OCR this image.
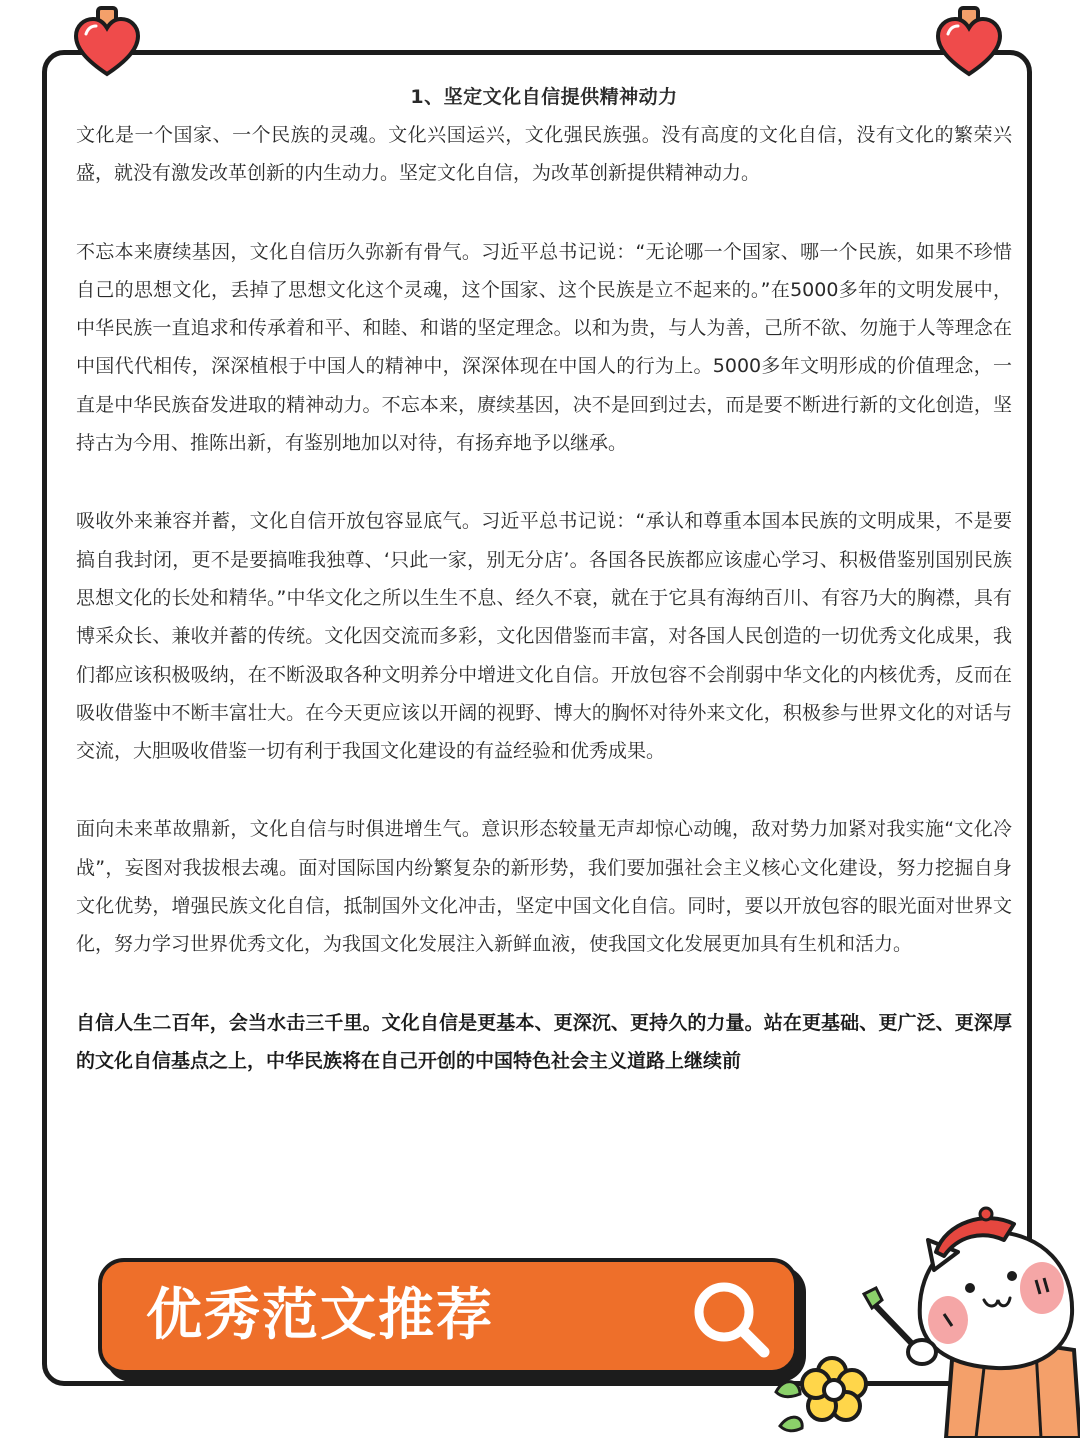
1、坚定文化自信提供精神动力

文化是一个国家、一个民族的灵魂。文化兴国运兴，文化强民族强。没有高度的文化自信，没有文化的繁荣兴盛，就没有激发改革创新的内生动力。坚定文化自信，为改革创新提供精神动力。

不忘本来赓续基因，文化自信历久弥新有骨气。习近平总书记说：“无论哪一个国家、哪一个民族，如果不珍惜自己的思想文化，丢掉了思想文化这个灵魂，这个国家、这个民族是立不起来的。”在5000多年的文明发展中，中华民族一直追求和传承着和平、和睦、和谐的坚定理念。以和为贵，与人为善，己所不欲、勿施于人等理念在中国代代相传，深深植根于中国人的精神中，深深体现在中国人的行为上。5000多年文明形成的价值理念，一直是中华民族奋发进取的精神动力。不忘本来，赓续基因，决不是回到过去，而是要不断进行新的文化创造，坚持古为今用、推陈出新，有鉴别地加以对待，有扬弃地予以继承。

吸收外来兼容并蓄，文化自信开放包容显底气。习近平总书记说：“承认和尊重本国本民族的文明成果，不是要搞自我封闭，更不是要搞唯我独尊、‘只此一家，别无分店’。各国各民族都应该虚心学习、积极借鉴别国别民族思想文化的长处和精华。”中华文化之所以生生不息、经久不衰，就在于它具有海纳百川、有容乃大的胸襟，具有博采众长、兼收并蓄的传统。文化因交流而多彩，文化因借鉴而丰富，对各国人民创造的一切优秀文化成果，我们都应该积极吸纳，在不断汲取各种文明养分中增进文化自信。开放包容不会削弱中华文化的内核优秀，反而在吸收借鉴中不断丰富壮大。在今天更应该以开阔的视野、博大的胸怀对待外来文化，积极参与世界文化的对话与交流，大胆吸收借鉴一切有利于我国文化建设的有益经验和优秀成果。

面向未来革故鼎新，文化自信与时俱进增生气。意识形态较量无声却惊心动魄，敌对势力加紧对我实施“文化冷战”，妄图对我拔根去魂。面对国际国内纷繁复杂的新形势，我们要加强社会主义核心文化建设，努力挖掘自身文化优势，增强民族文化自信，抵制国外文化冲击，坚定中国文化自信。同时，要以开放包容的眼光面对世界文化，努力学习世界优秀文化，为我国文化发展注入新鲜血液，使我国文化发展更加具有生机和活力。

自信人生二百年，会当水击三千里。文化自信是更基本、更深沉、更持久的力量。站在更基础、更广泛、更深厚的文化自信基点之上，中华民族将在自己开创的中国特色社会主义道路上继续前

优秀范文推荐
